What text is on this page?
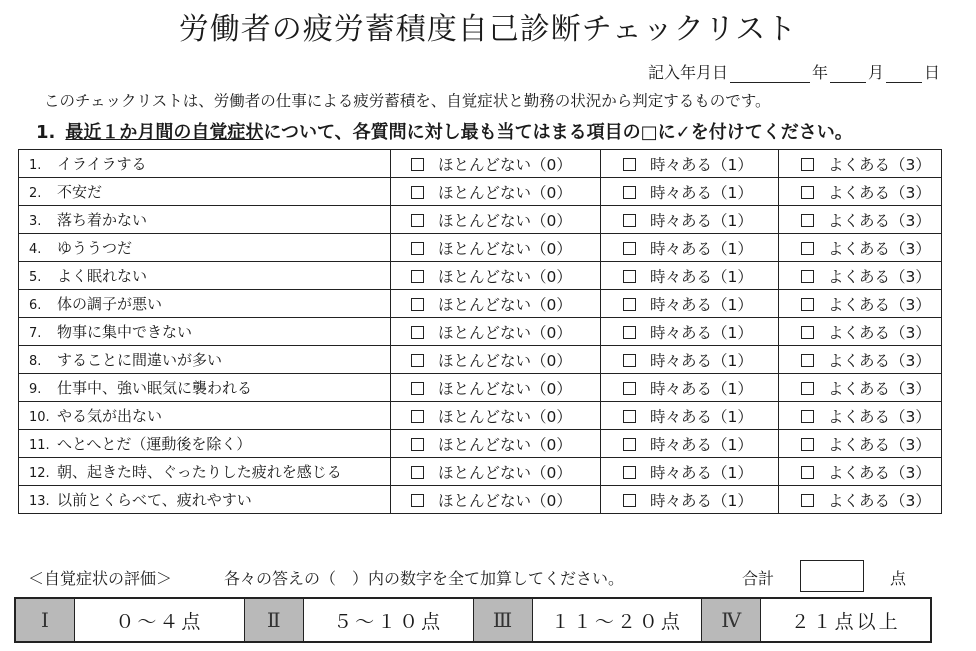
労働者の疲労蓄積度自己診断チェックリスト
記入年月日	年	月	日
このチェックリストは、労働者の仕事による疲労蓄積を、自覚症状と勤務の状況から判定するものです。
1. 最近１か月間の自覚症状について、各質問に対し最も当てはまる項目の□に✓を付けてください。
1. イライラする	ほとんどない（0）	時々ある（1）	よくある（3）
2. 不安だ	ほとんどない（0）	時々ある（1）	よくある（3）
3. 落ち着かない	ほとんどない（0）	時々ある（1）	よくある（3）
4. ゆううつだ	ほとんどない（0）	時々ある（1）	よくある（3）
5. よく眠れない	ほとんどない（0）	時々ある（1）	よくある（3）
6. 体の調子が悪い	ほとんどない（0）	時々ある（1）	よくある（3）
7. 物事に集中できない	ほとんどない（0）	時々ある（1）	よくある（3）
8. することに間違いが多い	ほとんどない（0）	時々ある（1）	よくある（3）
9. 仕事中、強い眠気に襲われる	ほとんどない（0）	時々ある（1）	よくある（3）
10. やる気が出ない	ほとんどない（0）	時々ある（1）	よくある（3）
11. へとへとだ（運動後を除く）	ほとんどない（0）	時々ある（1）	よくある（3）
12. 朝、起きた時、ぐったりした疲れを感じる	ほとんどない（0）	時々ある（1）	よくある（3）
13. 以前とくらべて、疲れやすい	ほとんどない（0）	時々ある（1）	よくある（3）
＜自覚症状の評価＞	各々の答えの（　）内の数字を全て加算してください。	合計	点
Ⅰ	０～４点	Ⅱ	５～１０点	Ⅲ	１１～２０点	Ⅳ	２１点以上
